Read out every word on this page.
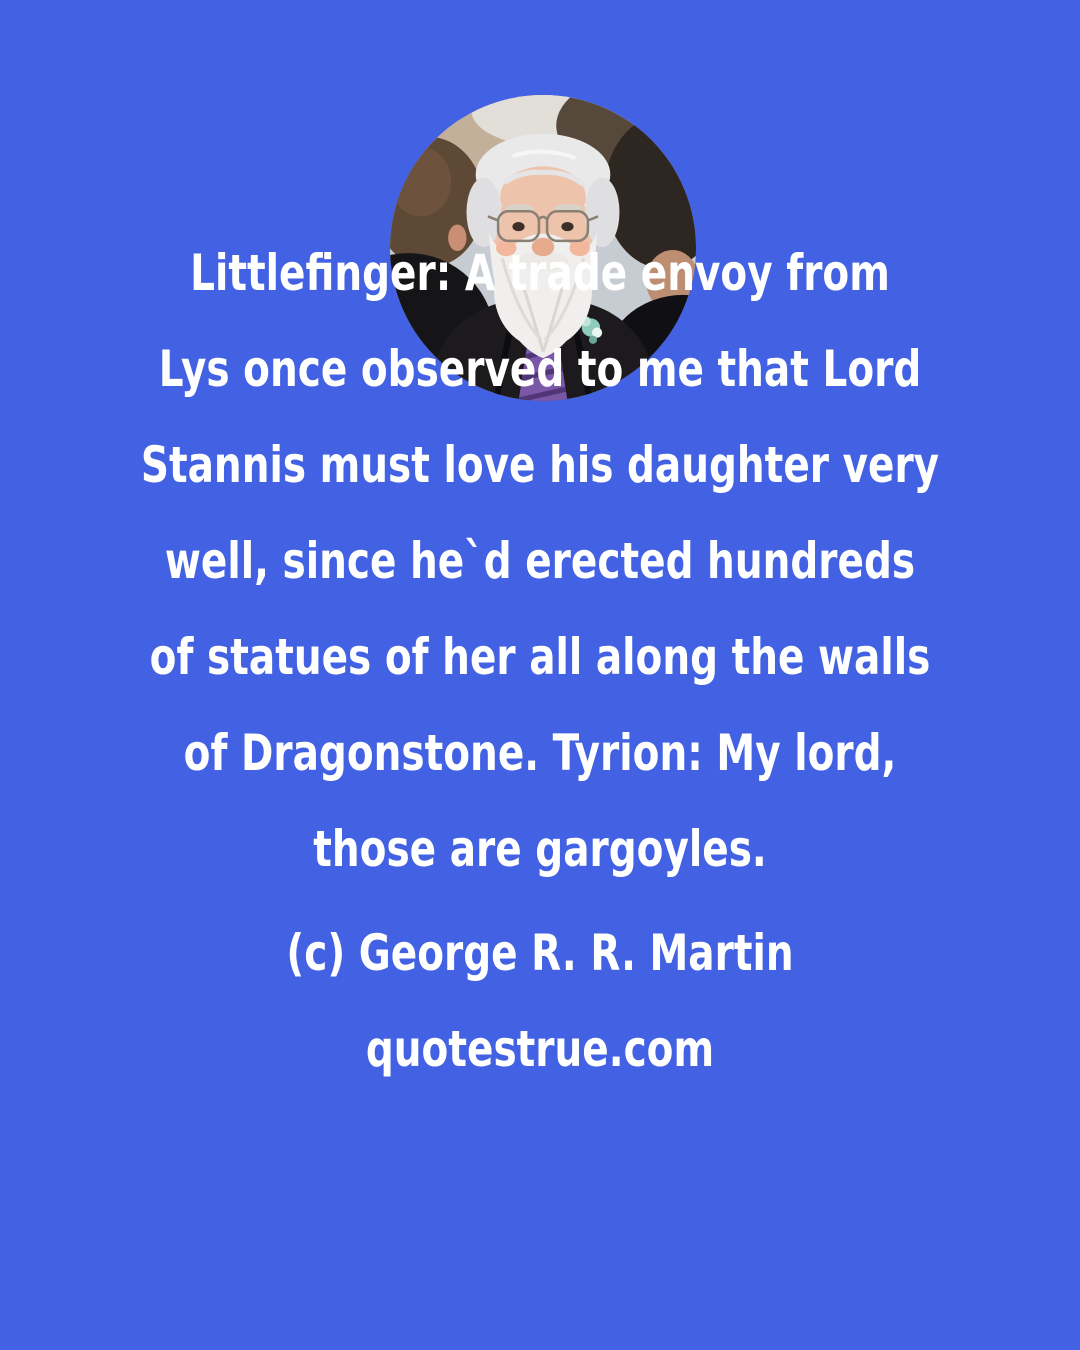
Littlefinger: A trade envoy from
Lys once observed to me that Lord
Stannis must love his daughter very
well, since he`d erected hundreds
of statues of her all along the walls
of Dragonstone. Tyrion: My lord,
those are gargoyles.
(c) George R. R. Martin
quotestrue.com
